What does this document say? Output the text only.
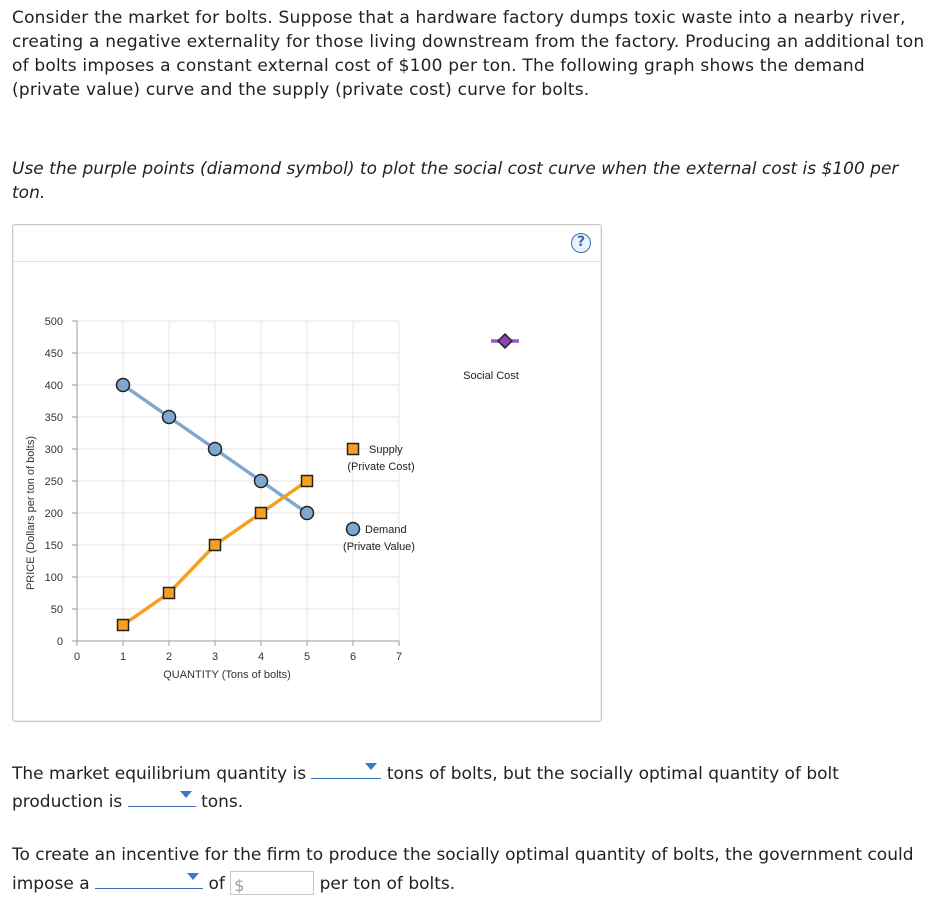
Consider the market for bolts. Suppose that a hardware factory dumps toxic waste into a nearby river, creating a negative externality for those living downstream from the factory. Producing an additional ton of bolts imposes a constant external cost of $100 per ton. The following graph shows the demand (private value) curve and the supply (private cost) curve for bolts.

Use the purple points (diamond symbol) to plot the social cost curve when the external cost is $100 per ton.

?
0
50
100
150
200
250
300
350
400
450
500
0	1	2	3	4	5	6	7
QUANTITY (Tons of bolts)
PRICE (Dollars per ton of bolts)	Supply
(Private Cost)
Demand
(Private Value)
Social Cost
The market equilibrium quantity is	tons of bolts, but the socially optimal quantity of bolt production is	tons.
To create an incentive for the firm to produce the socially optimal quantity of bolts, the government could impose a	of $	per ton of bolts.
